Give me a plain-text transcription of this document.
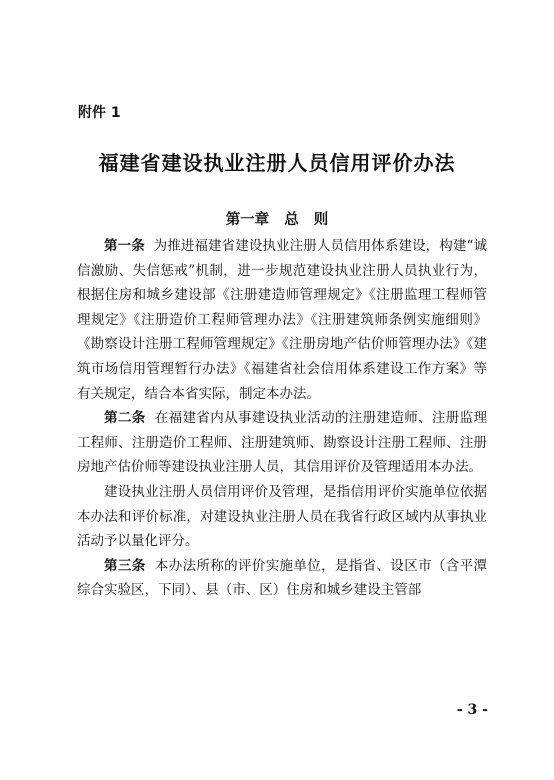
附件 1
福建省建设执业注册人员信用评价办法
第一章 总 则

第一条 为推进福建省建设执业注册人员信用体系建设，构建“诚信激励、失信惩戒”机制，进一步规范建设执业注册人员执业行为，根据住房和城乡建设部《注册建造师管理规定》《注册监理工程师管理规定》《注册造价工程师管理办法》《注册建筑师条例实施细则》《勘察设计注册工程师管理规定》《注册房地产估价师管理办法》《建筑市场信用管理暂行办法》《福建省社会信用体系建设工作方案》等有关规定，结合本省实际，制定本办法。

第二条 在福建省内从事建设执业活动的注册建造师、注册监理工程师、注册造价工程师、注册建筑师、勘察设计注册工程师、注册房地产估价师等建设执业注册人员，其信用评价及管理适用本办法。

建设执业注册人员信用评价及管理，是指信用评价实施单位依据本办法和评价标准，对建设执业注册人员在我省行政区域内从事执业活动予以量化评分。

第三条 本办法所称的评价实施单位，是指省、设区市（含平潭综合实验区，下同）、县（市、区）住房和城乡建设主管部

- 3 -
